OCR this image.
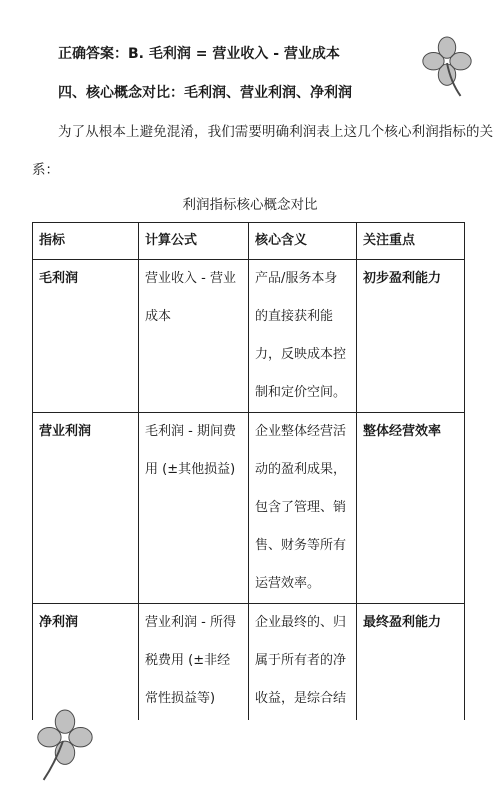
正确答案：B. 毛利润 = 营业收入 - 营业成本
四、核心概念对比：毛利润、营业利润、净利润
为了从根本上避免混淆，我们需要明确利润表上这几个核心利润指标的关
系：
利润指标核心概念对比
指标	计算公式	核心含义	关注重点
毛利润	营业收入 - 营业成本	产品/服务本身的直接获利能力，反映成本控制和定价空间。	初步盈利能力
营业利润	毛利润 - 期间费用 (±其他损益)	企业整体经营活动的盈利成果，包含了管理、销售、财务等所有运营效率。	整体经营效率
净利润	营业利润 - 所得税费用 (±非经常性损益等)	企业最终的、归属于所有者的净收益，是综合结	最终盈利能力
